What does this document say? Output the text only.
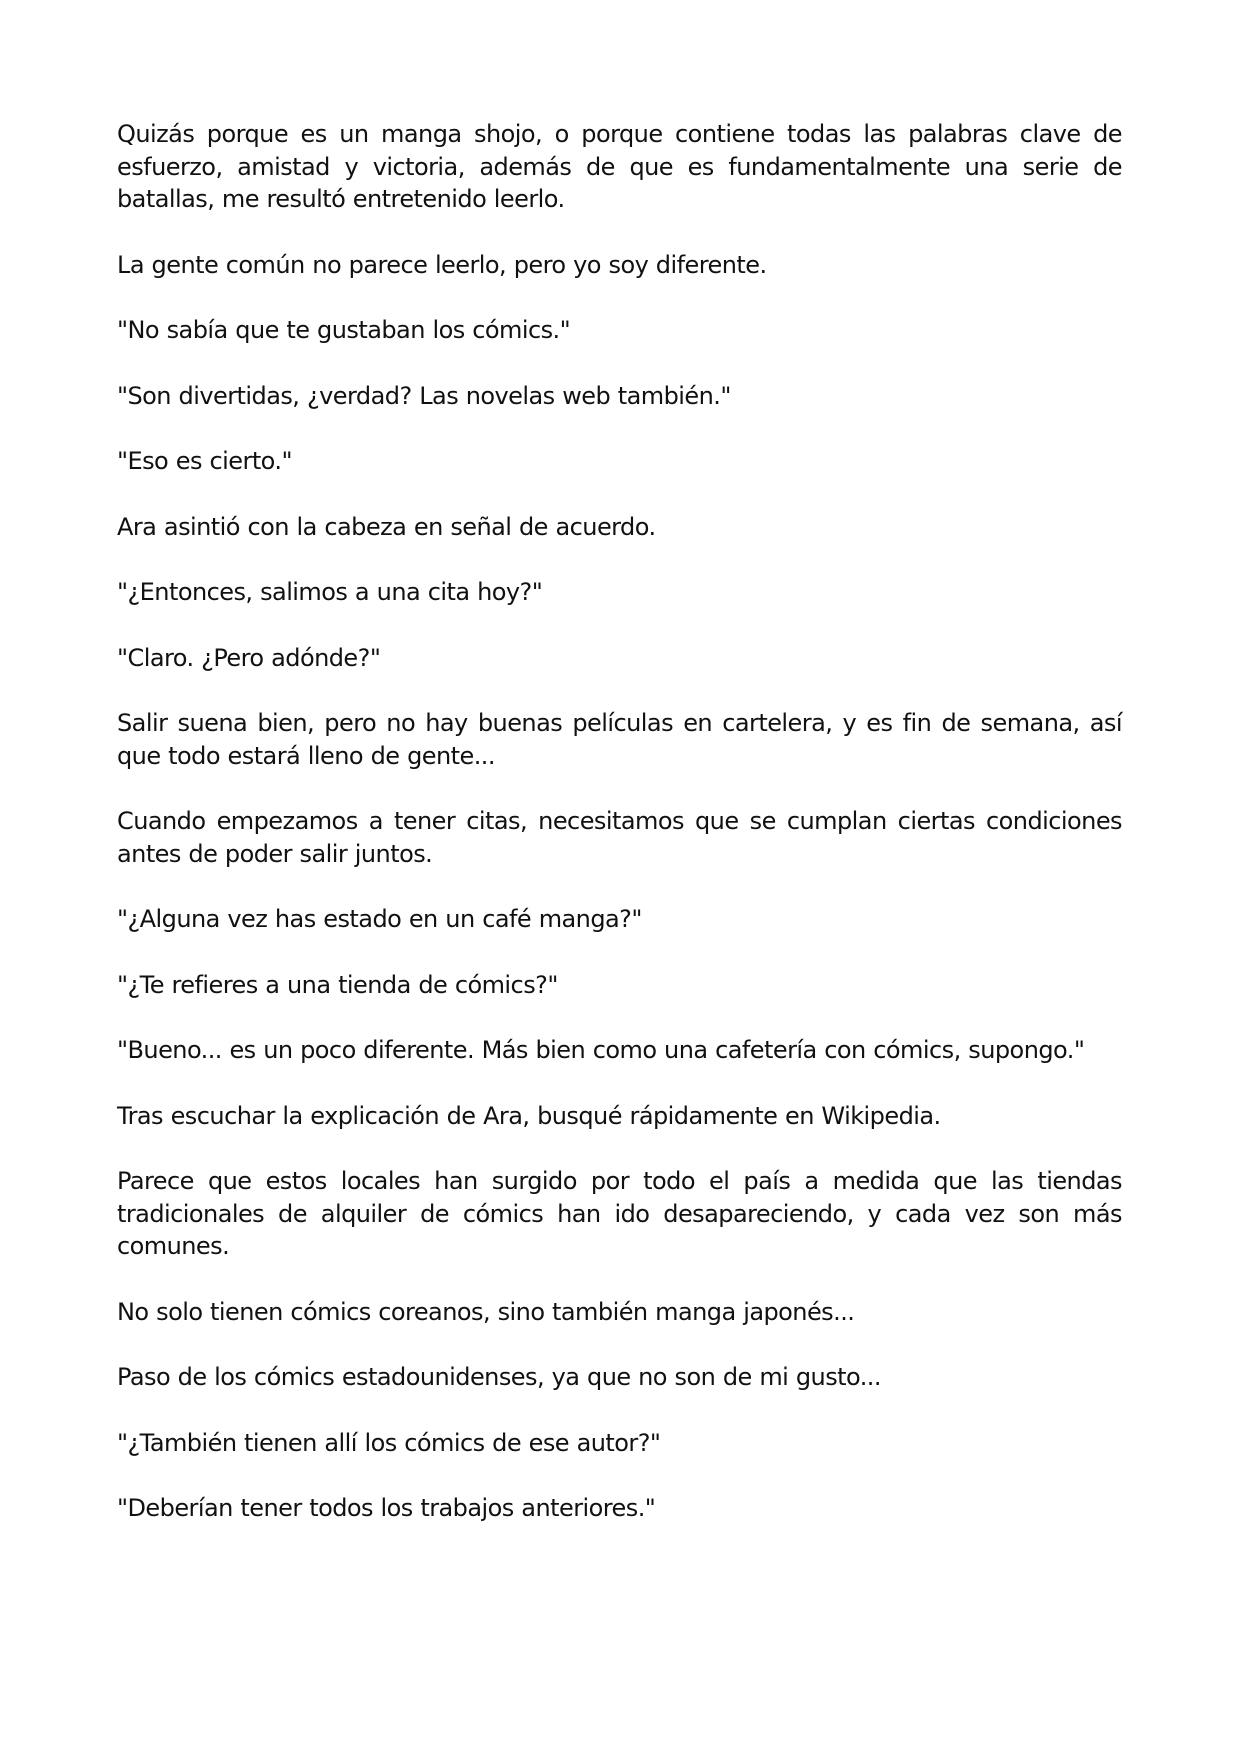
Quizás porque es un manga shojo, o porque contiene todas las palabras clave de esfuerzo, amistad y victoria, además de que es fundamentalmente una serie de batallas, me resultó entretenido leerlo.

La gente común no parece leerlo, pero yo soy diferente.

"No sabía que te gustaban los cómics."

"Son divertidas, ¿verdad? Las novelas web también."

"Eso es cierto."

Ara asintió con la cabeza en señal de acuerdo.

"¿Entonces, salimos a una cita hoy?"

"Claro. ¿Pero adónde?"

Salir suena bien, pero no hay buenas películas en cartelera, y es fin de semana, así que todo estará lleno de gente...

Cuando empezamos a tener citas, necesitamos que se cumplan ciertas condiciones antes de poder salir juntos.

"¿Alguna vez has estado en un café manga?"

"¿Te refieres a una tienda de cómics?"

"Bueno... es un poco diferente. Más bien como una cafetería con cómics, supongo."

Tras escuchar la explicación de Ara, busqué rápidamente en Wikipedia.

Parece que estos locales han surgido por todo el país a medida que las tiendas tradicionales de alquiler de cómics han ido desapareciendo, y cada vez son más comunes.

No solo tienen cómics coreanos, sino también manga japonés...

Paso de los cómics estadounidenses, ya que no son de mi gusto...

"¿También tienen allí los cómics de ese autor?"

"Deberían tener todos los trabajos anteriores."
